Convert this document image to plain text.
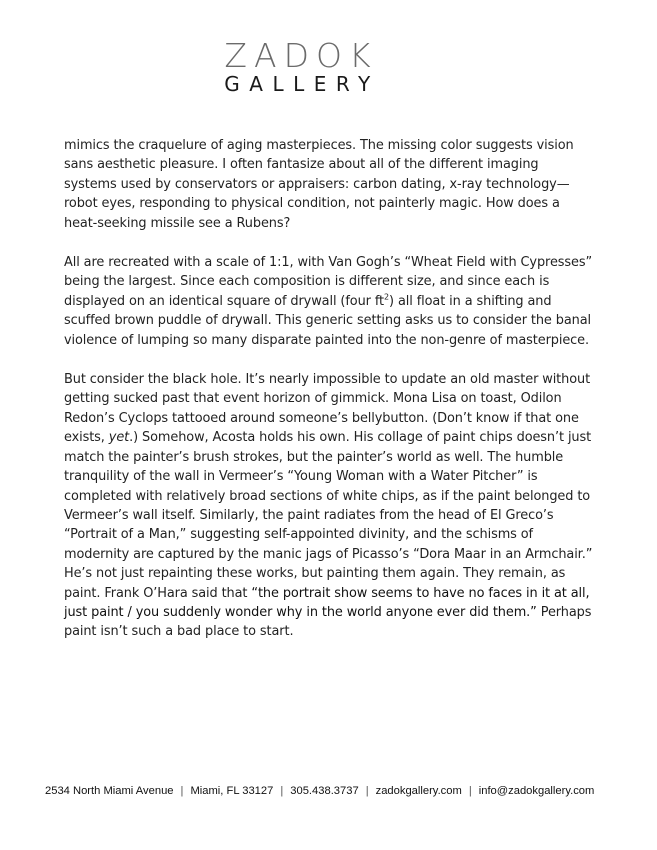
ZADOK
GALLERY

mimics the craquelure of aging masterpieces. The missing color suggests vision sans aesthetic pleasure. I often fantasize about all of the different imaging systems used by conservators or appraisers: carbon dating, x-ray technology— robot eyes, responding to physical condition, not painterly magic. How does a heat-seeking missile see a Rubens?

All are recreated with a scale of 1:1, with Van Gogh’s “Wheat Field with Cypresses” being the largest. Since each composition is different size, and since each is displayed on an identical square of drywall (four $ft^2$) all float in a shifting and scuffed brown puddle of drywall. This generic setting asks us to consider the banal violence of lumping so many disparate painted into the non-genre of masterpiece.

But consider the black hole. It’s nearly impossible to update an old master without getting sucked past that event horizon of gimmick. Mona Lisa on toast, Odilon Redon’s Cyclops tattooed around someone’s bellybutton. (Don’t know if that one exists, yet.) Somehow, Acosta holds his own. His collage of paint chips doesn’t just match the painter’s brush strokes, but the painter’s world as well. The humble tranquility of the wall in Vermeer’s “Young Woman with a Water Pitcher” is completed with relatively broad sections of white chips, as if the paint belonged to Vermeer’s wall itself. Similarly, the paint radiates from the head of El Greco’s “Portrait of a Man,” suggesting self-appointed divinity, and the schisms of modernity are captured by the manic jags of Picasso’s “Dora Maar in an Armchair.” He’s not just repainting these works, but painting them again. They remain, as paint. Frank O’Hara said that “the portrait show seems to have no faces in it at all, just paint / you suddenly wonder why in the world anyone ever did them.” Perhaps paint isn’t such a bad place to start.

2534 North Miami Avenue | Miami, FL 33127 | 305.438.3737 | zadokgallery.com | info@zadokgallery.com
